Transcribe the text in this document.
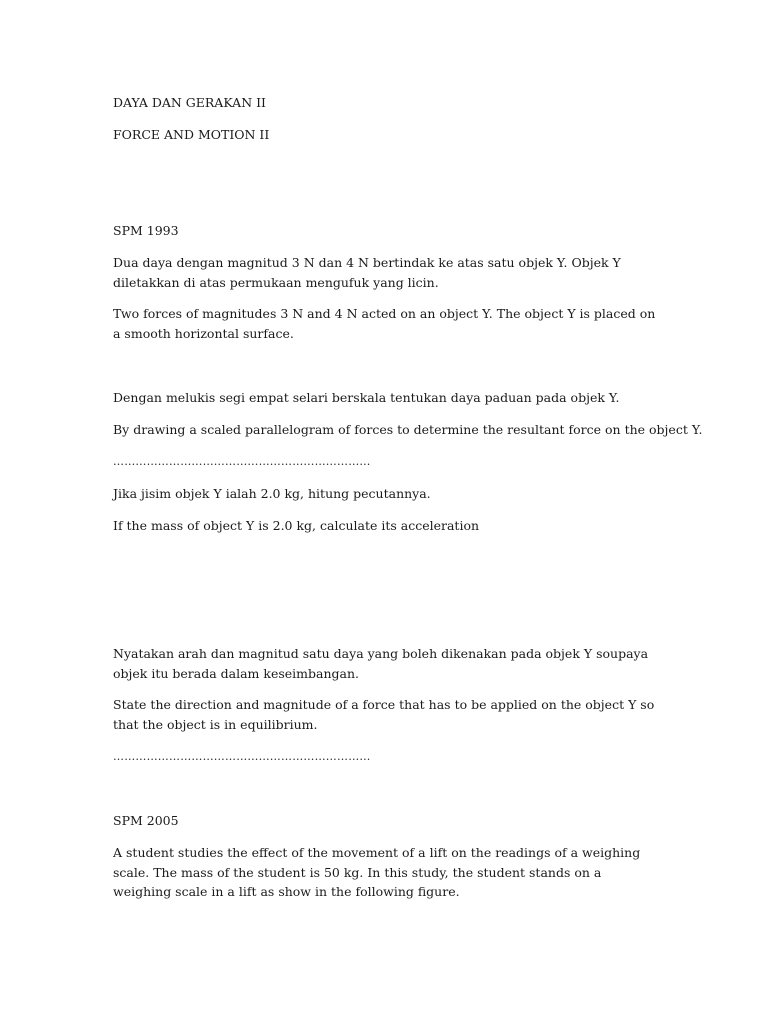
DAYA DAN GERAKAN II

FORCE AND MOTION II

SPM 1993

Dua daya dengan magnitud 3 N dan 4 N bertindak ke atas satu objek Y. Objek Y diletakkan di atas permukaan mengufuk yang licin.

Two forces of magnitudes 3 N and 4 N acted on an object Y. The object Y is placed on a smooth horizontal surface.

Dengan melukis segi empat selari berskala tentukan daya paduan pada objek Y.

By drawing a scaled parallelogram of forces to determine the resultant force on the object Y.

……………………………………………………………

Jika jisim objek Y ialah 2.0 kg, hitung pecutannya.

If the mass of object Y is 2.0 kg, calculate its acceleration

Nyatakan arah dan magnitud satu daya yang boleh dikenakan pada objek Y soupaya objek itu berada dalam keseimbangan.

State the direction and magnitude of a force that has to be applied on the object Y so that the object is in equilibrium.

……………………………………………………………

SPM 2005

A student studies the effect of the movement of a lift on the readings of a weighing scale. The mass of the student is 50 kg. In this study, the student stands on a weighing scale in a lift as show in the following figure.
